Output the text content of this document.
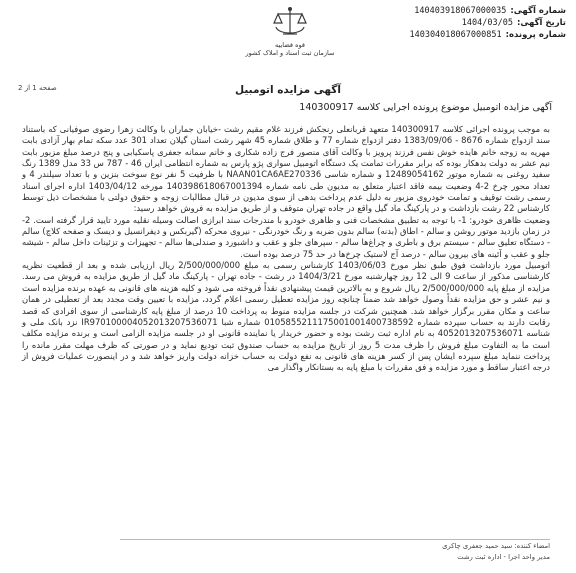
شماره آگهی:
140403918067000035
تاریخ آگهی:
1404/03/05
شماره پرونده:
140304018067000851
قوه قضاییه
سازمان ثبت اسناد و املاک کشور
صفحه 1 از 2	آگهی مزایده اتومبیل
آگهی مزایده اتومبیل موضوع پرونده اجرایی کلاسه 140300917

به موجب پرونده اجرائی کلاسه 140300917 متعهد قربانعلی رنجکش فرزند غلام مقیم رشت -خیابان جماران با وکالت زهرا رضوی صوفیانی که باستناد سند ازدواج شماره 8676 - 1383/09/06 دفتر ازدواج شماره 77 و طلاق شماره 45 شهر رشت استان گیلان تعداد 301 عدد سکه تمام بهار آزادی بابت مهریه به زوجه خانم هایده خوش نفس فرزند پرویز با وکالت آقای منصور فرج زاده شکاری و خانم سمانه جعفری پاسکیابی و پنج درصد مبلغ مزبور بابت نیم عشر به دولت بدهکار بوده که برابر مقررات تمامت یک دستگاه اتومبیل سواری پژو پارس به شماره انتظامی ایران 46 - 787 س 33 مدل 1389 رنگ سفید روغنی به شماره موتور 12489054162 و شماره شاسی NAAN01CA6AE270336 با ظرفیت 5 نفر نوع سوخت بنزین و با تعداد سیلندر 4 و تعداد محور چرخ 2-4 وضعیت بیمه فاقد اعتبار متعلق به مدیون طی نامه شماره 140398618067001394 مورخه 1403/04/12 اداره اجرای اسناد رسمی رشت توقیف و تمامت خودروی مزبور به دلیل عدم پرداخت بدهی از سوی مدیون در قبال مطالبات زوجه و حقوق دولتی با مشخصات ذیل توسط کارشناس 22 رشت بازداشت و در پارکینگ ماد گیل واقع در جاده تهران متوقف و از طریق مزایده به فروش خواهد رسید:

وضعیت ظاهری خودرو: 1- با توجه به تطبیق مشخصات فنی و ظاهری خودرو با مندرجات سند ابرازی اصالت وسیله نقلیه مورد تایید قرار گرفته است. 2- در زمان بازدید موتور روشن و سالم - اطاق (بدنه) سالم بدون ضربه و رنگ خودرنگی - نیروی محرکه (گیربکس و دیفرانسیل و دیسک و صفحه کلاچ) سالم - دستگاه تعلیق سالم - سیستم برق و باطری و چراغ‌ها سالم - سپرهای جلو و عقب و داشبورد و صندلی‌ها سالم - تجهیزات و تزئینات داخل سالم - شیشه جلو و عقب و آئینه های بیرون سالم - درصد آج لاستیک چرخ‌ها در حد 75 درصد بوده است.

اتومبیل مورد بازداشت فوق طبق نظر مورخ 1403/06/03 کارشناس رسمی به مبلغ 2/500/000/000 ریال ارزیابی شده و بعد از قطعیت نظریه کارشناسی مذکور از ساعت 9 الی 12 روز چهارشنبه مورخ 1404/3/21 در رشت - جاده تهران - پارکینگ ماد گیل از طریق مزایده به فروش می رسد. مزایده از مبلغ پایه 2/500/000/000 ریال شروع و به بالاترین قیمت پیشنهادی نقداً فروخته می شود و کلیه هزینه های قانونی به عهده برنده مزایده است و نیم عشر و حق مزایده نقداً وصول خواهد شد ضمناً چنانچه روز مزایده تعطیل رسمی اعلام گردد، مزایده با تعیین وقت مجدد بعد از تعطیلی در همان ساعت و مکان مقرر برگزار خواهد شد. همچنین شرکت در جلسه مزایده منوط به پرداخت 10 درصد از مبلغ پایه کارشناسی از سوی افرادی که قصد رقابت دارند به حساب سپرده شماره 0105855211175001001400738592 شماره شبا IR970100004052013207536071 نزد بانک ملی و شناسه 4052013207536071 به نام اداره ثبت رشت بوده و حضور خریدار یا نماینده قانونی او در جلسه مزایده الزامی است و برنده مزایده مکلف است ما به التفاوت مبلغ فروش را ظرف مدت 5 روز از تاریخ مزایده به حساب صندوق ثبت تودیع نماید و در صورتی که ظرف مهلت مقرر مانده را پرداخت ننماید مبلغ سپرده ایشان پس از کسر هزینه های قانونی به نفع دولت به حساب خزانه دولت واریز خواهد شد و در اینصورت عملیات فروش از درجه اعتبار ساقط و مورد مزایده و فق مقررات با مبلغ پایه به بستانکار واگذار می

امضاء کننده: سید حمید جعفری چاکری
مدیر واحد اجرا - اداره ثبت رشت
